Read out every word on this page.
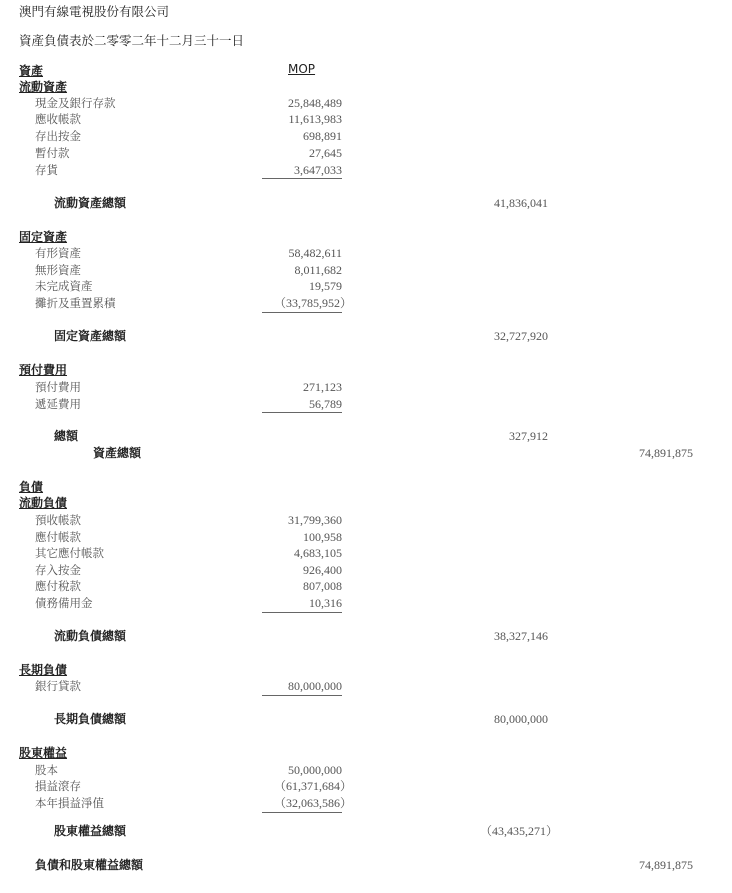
澳門有線電視股份有限公司
資產負債表於二零零二年十二月三十一日
資產	MOP
流動資產
現金及銀行存款	25,848,489
應收帳款	11,613,983
存出按金	698,891
暫付款	27,645
存貨	3,647,033
流動資產總額	41,836,041
固定資產
有形資產	58,482,611
無形資產	8,011,682
未完成資產	19,579
攤折及重置累積	（33,785,952）
固定資產總額	32,727,920
預付費用
預付費用	271,123
遞延費用	56,789
總額	327,912
資產總額	74,891,875
負債
流動負債
預收帳款	31,799,360
應付帳款	100,958
其它應付帳款	4,683,105
存入按金	926,400
應付稅款	807,008
債務備用金	10,316
流動負債總額	38,327,146
長期負債
銀行貸款	80,000,000
長期負債總額	80,000,000
股東權益
股本	50,000,000
損益滾存	（61,371,684）
本年損益淨值	（32,063,586）
股東權益總額	（43,435,271）
負債和股東權益總額	74,891,875
